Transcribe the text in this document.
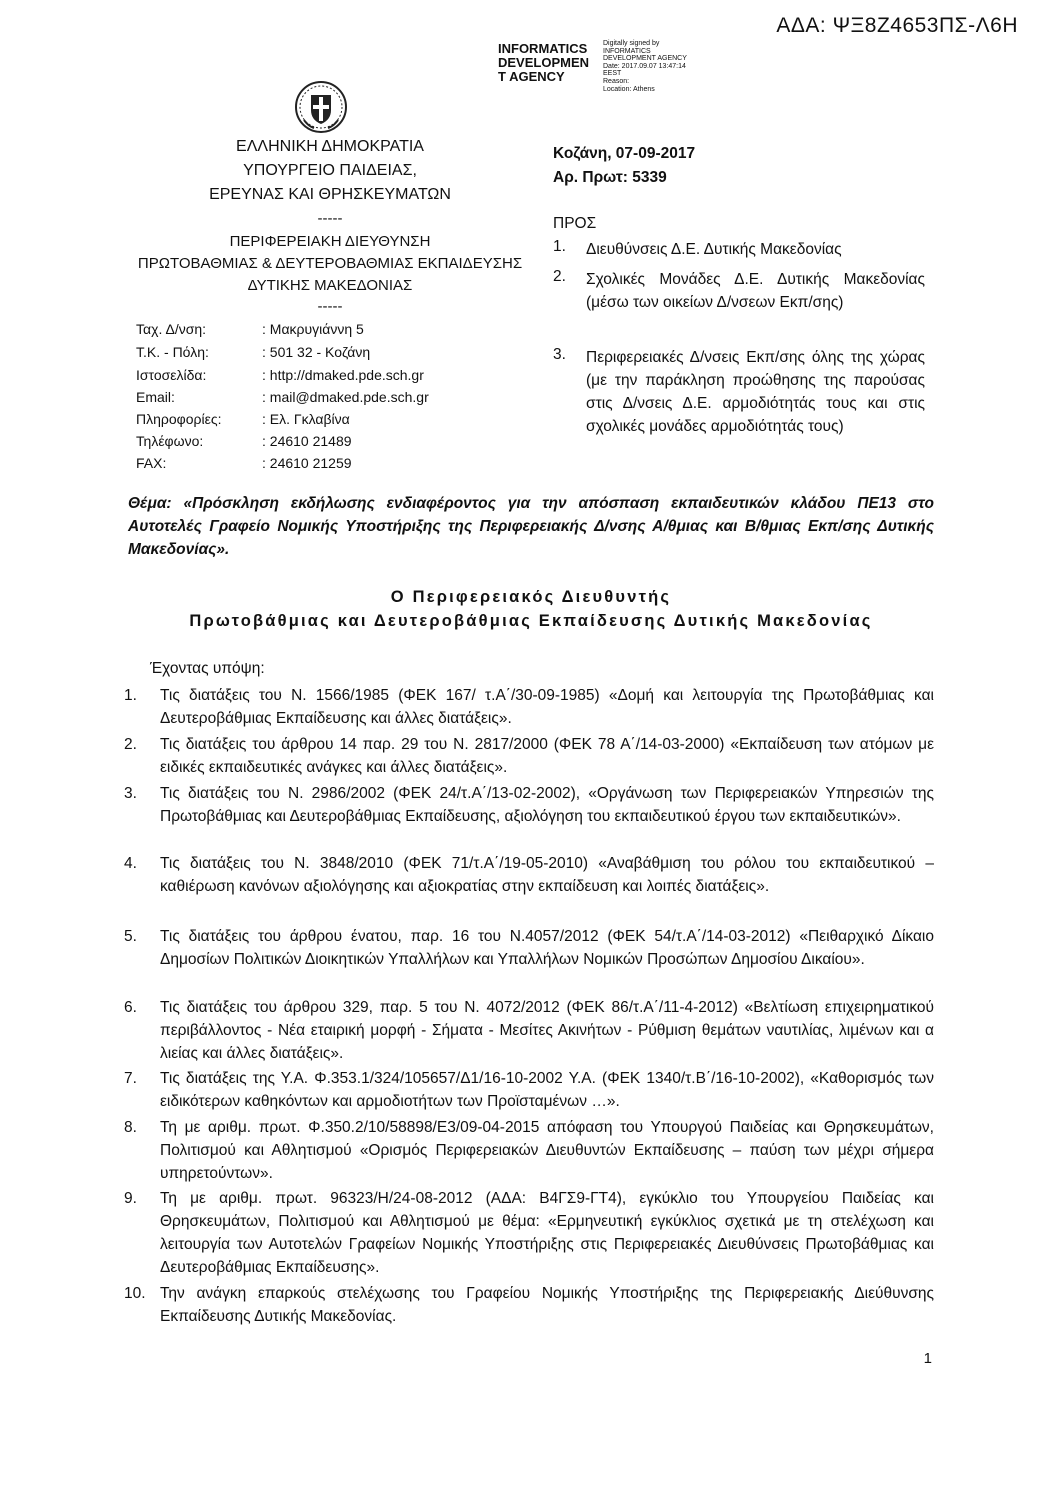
ΑΔΑ: ΨΞ8Ζ4653ΠΣ-Λ6Η
INFORMATICS
DEVELOPMEN
T AGENCY
Digitally signed by
INFORMATICS
DEVELOPMENT AGENCY
Date: 2017.09.07 13:47:14
EEST
Reason:
Location: Athens
ΕΛΛΗΝΙΚΗ ΔΗΜΟΚΡΑΤΙΑ
ΥΠΟΥΡΓΕΙΟ ΠΑΙΔΕΙΑΣ,
ΕΡΕΥΝΑΣ ΚΑΙ ΘΡΗΣΚΕΥΜΑΤΩΝ
-----
ΠΕΡΙΦΕΡΕΙΑΚΗ ΔΙΕΥΘΥΝΣΗ
ΠΡΩΤΟΒΑΘΜΙΑΣ & ΔΕΥΤΕΡΟΒΑΘΜΙΑΣ ΕΚΠΑΙΔΕΥΣΗΣ
ΔΥΤΙΚΗΣ ΜΑΚΕΔΟΝΙΑΣ
-----
Ταχ. Δ/νση:	: Μακρυγιάννη 5
Τ.Κ. - Πόλη:	: 501 32 - Κοζάνη
Ιστοσελίδα:	: http://dmaked.pde.sch.gr
Email:	: mail@dmaked.pde.sch.gr
Πληροφορίες:	: Ελ. Γκλαβίνα
Τηλέφωνο:	: 24610 21489
FAX:	: 24610 21259
Κοζάνη, 07-09-2017
Αρ. Πρωτ: 5339
ΠΡΟΣ
1. Διευθύνσεις Δ.Ε. Δυτικής Μακεδονίας
2. Σχολικές Μονάδες Δ.Ε. Δυτικής Μακεδονίας (μέσω των οικείων Δ/νσεων Εκπ/σης)
3. Περιφερειακές Δ/νσεις Εκπ/σης όλης της χώρας (με την παράκληση προώθησης της παρούσας στις Δ/νσεις Δ.Ε. αρμοδιότητάς τους και στις σχολικές μονάδες αρμοδιότητάς τους)
Θέμα: «Πρόσκληση εκδήλωσης ενδιαφέροντος για την απόσπαση εκπαιδευτικών κλάδου ΠΕ13 στο Αυτοτελές Γραφείο Νομικής Υποστήριξης της Περιφερειακής Δ/νσης Α/θμιας και Β/θμιας Εκπ/σης Δυτικής Μακεδονίας».
Ο Περιφερειακός Διευθυντής
Πρωτοβάθμιας και Δευτεροβάθμιας Εκπαίδευσης Δυτικής Μακεδονίας
Έχοντας υπόψη:
1. Τις διατάξεις του Ν. 1566/1985 (ΦΕΚ 167/ τ.Α΄/30-09-1985) «Δομή και λειτουργία της Πρωτοβάθμιας και Δευτεροβάθμιας Εκπαίδευσης και άλλες διατάξεις».
2. Τις διατάξεις του άρθρου 14 παρ. 29 του Ν. 2817/2000 (ΦΕΚ 78 Α΄/14-03-2000) «Εκπαίδευση των ατόμων με ειδικές εκπαιδευτικές ανάγκες και άλλες διατάξεις».
3. Τις διατάξεις του Ν. 2986/2002 (ΦΕΚ 24/τ.Α΄/13-02-2002), «Οργάνωση των Περιφερειακών Υπηρεσιών της Πρωτοβάθμιας και Δευτεροβάθμιας Εκπαίδευσης, αξιολόγηση του εκπαιδευτικού έργου των εκπαιδευτικών».
4. Τις διατάξεις του Ν. 3848/2010 (ΦΕΚ 71/τ.Α΄/19-05-2010) «Αναβάθμιση του ρόλου του εκπαιδευτικού – καθιέρωση κανόνων αξιολόγησης και αξιοκρατίας στην εκπαίδευση και λοιπές διατάξεις».
5. Τις διατάξεις του άρθρου ένατου, παρ. 16 του Ν.4057/2012 (ΦΕΚ 54/τ.Α΄/14-03-2012) «Πειθαρχικό Δίκαιο Δημοσίων Πολιτικών Διοικητικών Υπαλλήλων και Υπαλλήλων Νομικών Προσώπων Δημοσίου Δικαίου».
6. Τις διατάξεις του άρθρου 329, παρ. 5 του Ν. 4072/2012 (ΦΕΚ 86/τ.Α΄/11-4-2012) «Βελτίωση επιχειρηματικού περιβάλλοντος - Νέα εταιρική μορφή - Σήματα - Μεσίτες Ακινήτων - Ρύθμιση θεμάτων ναυτιλίας, λιμένων και α λιείας και άλλες διατάξεις».
7. Τις διατάξεις της Υ.Α. Φ.353.1/324/105657/Δ1/16-10-2002 Υ.Α. (ΦΕΚ 1340/τ.Β΄/16-10-2002), «Καθορισμός των ειδικότερων καθηκόντων και αρμοδιοτήτων των Προϊσταμένων …».
8. Τη με αριθμ. πρωτ. Φ.350.2/10/58898/Ε3/09-04-2015 απόφαση του Υπουργού Παιδείας και Θρησκευμάτων, Πολιτισμού και Αθλητισμού «Ορισμός Περιφερειακών Διευθυντών Εκπαίδευσης – παύση των μέχρι σήμερα υπηρετούντων».
9. Τη με αριθμ. πρωτ. 96323/Η/24-08-2012 (ΑΔΑ: Β4ΓΣ9-ΓΤ4), εγκύκλιο του Υπουργείου Παιδείας και Θρησκευμάτων, Πολιτισμού και Αθλητισμού με θέμα: «Ερμηνευτική εγκύκλιος σχετικά με τη στελέχωση και λειτουργία των Αυτοτελών Γραφείων Νομικής Υποστήριξης στις Περιφερειακές Διευθύνσεις Πρωτοβάθμιας και Δευτεροβάθμιας Εκπαίδευσης».
10. Την ανάγκη επαρκούς στελέχωσης του Γραφείου Νομικής Υποστήριξης της Περιφερειακής Διεύθυνσης Εκπαίδευσης Δυτικής Μακεδονίας.
1
